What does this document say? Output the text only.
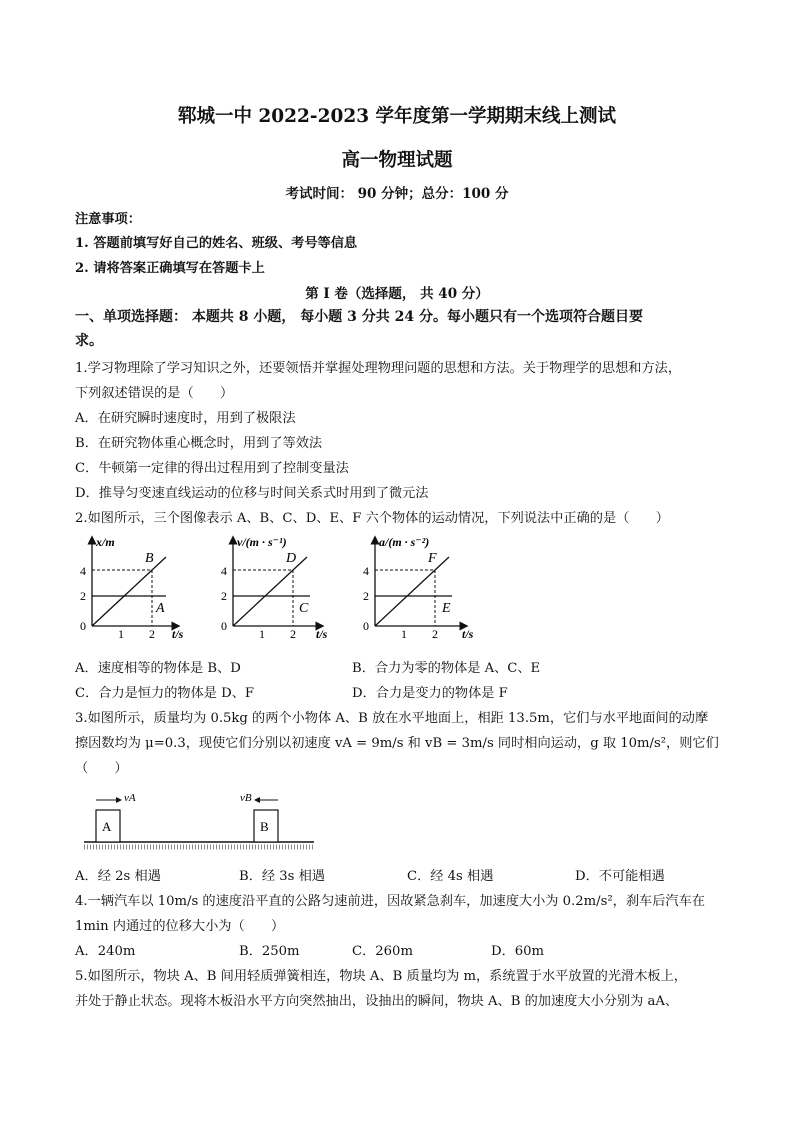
郓城一中 2022-2023 学年度第一学期期末线上测试
高一物理试题
考试时间： 90 分钟；总分：100 分
注意事项：
1. 答题前填写好自己的姓名、班级、考号等信息
2. 请将答案正确填写在答题卡上
第 I 卷（选择题， 共 40 分）
一、单项选择题： 本题共 8 小题， 每小题 3 分共 24 分。每小题只有一个选项符合题目要
求。
1.学习物理除了学习知识之外，还要领悟并掌握处理物理问题的思想和方法。关于物理学的思想和方法，
下列叙述错误的是（　　）
A．在研究瞬时速度时，用到了极限法
B．在研究物体重心概念时，用到了等效法
C．牛顿第一定律的得出过程用到了控制变量法
D．推导匀变速直线运动的位移与时间关系式时用到了微元法
2.如图所示，三个图像表示 A、B、C、D、E、F 六个物体的运动情况，下列说法中正确的是（　　）
x/m
t/s
4
2
0
1 2
B
A
v/(m · s⁻¹)
t/s
4
2
0
1 2
D
C
a/(m · s⁻²)
t/s
4
2
0
1 2
F
E
A．速度相等的物体是 B、D	B．合力为零的物体是 A、C、E
C．合力是恒力的物体是 D、F	D．合力是变力的物体是 F
3.如图所示，质量均为 0.5kg 的两个小物体 A、B 放在水平地面上，相距 13.5m，它们与水平地面间的动摩
擦因数均为 μ=0.3，现使它们分别以初速度 vA = 9m/s 和 vB = 3m/s 同时相向运动，g 取 10m/s²，则它们
（　　）
A	B
vA	vB
A．经 2s 相遇	B．经 3s 相遇	C．经 4s 相遇	D．不可能相遇
4.一辆汽车以 10m/s 的速度沿平直的公路匀速前进，因故紧急刹车，加速度大小为 0.2m/s²，刹车后汽车在
1min 内通过的位移大小为（　　）
A．240m	B．250m	C．260m	D．60m
5.如图所示，物块 A、B 间用轻质弹簧相连，物块 A、B 质量均为 m，系统置于水平放置的光滑木板上，
并处于静止状态。现将木板沿水平方向突然抽出，设抽出的瞬间，物块 A、B 的加速度大小分别为 aA、
